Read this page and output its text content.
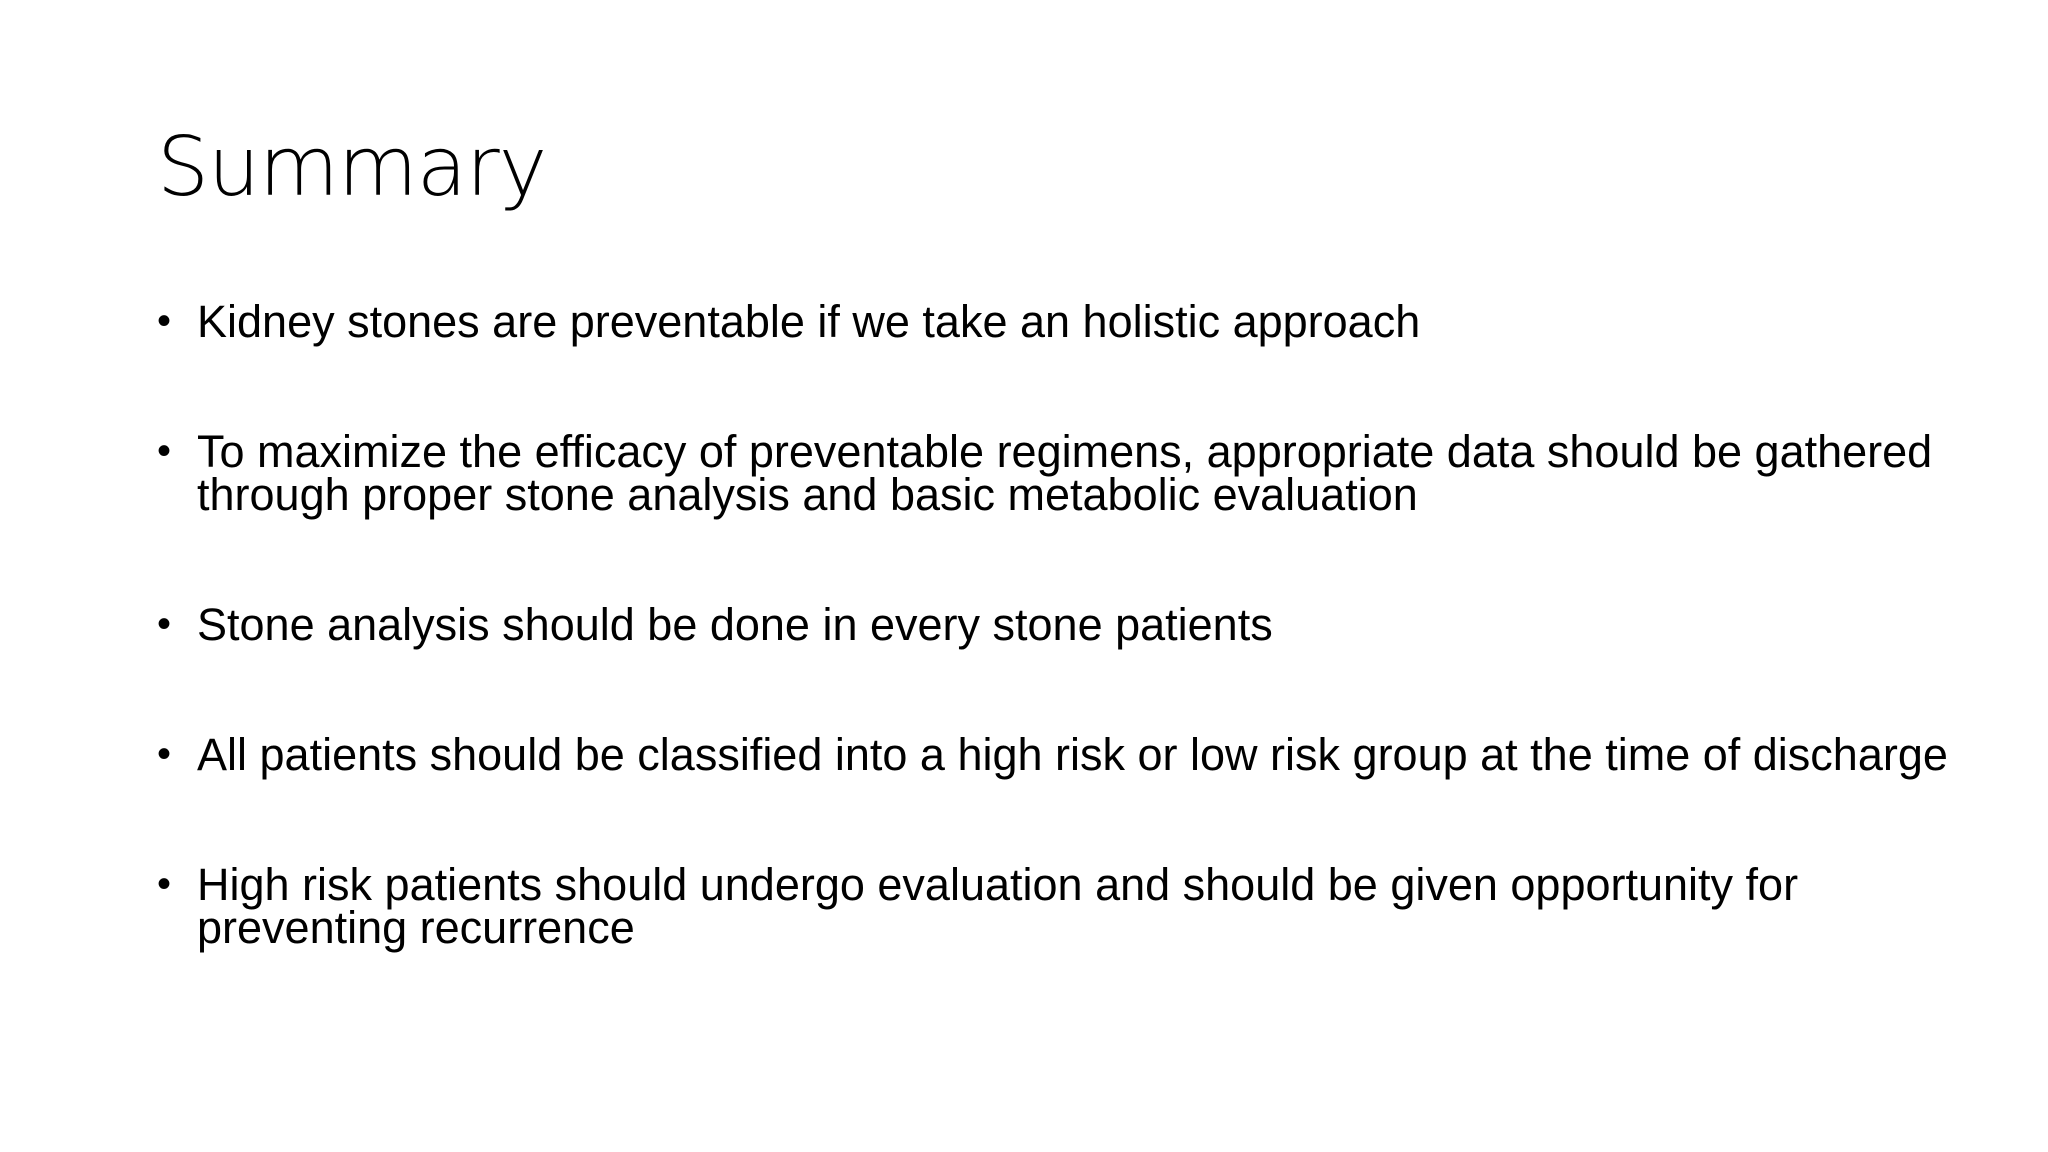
Summary
• Kidney stones are preventable if we take an holistic approach
• To maximize the efficacy of preventable regimens, appropriate data should be gathered through proper stone analysis and basic metabolic evaluation
• Stone analysis should be done in every stone patients
• All patients should be classified into a high risk or low risk group at the time of discharge
• High risk patients should undergo evaluation and should be given opportunity for preventing recurrence
